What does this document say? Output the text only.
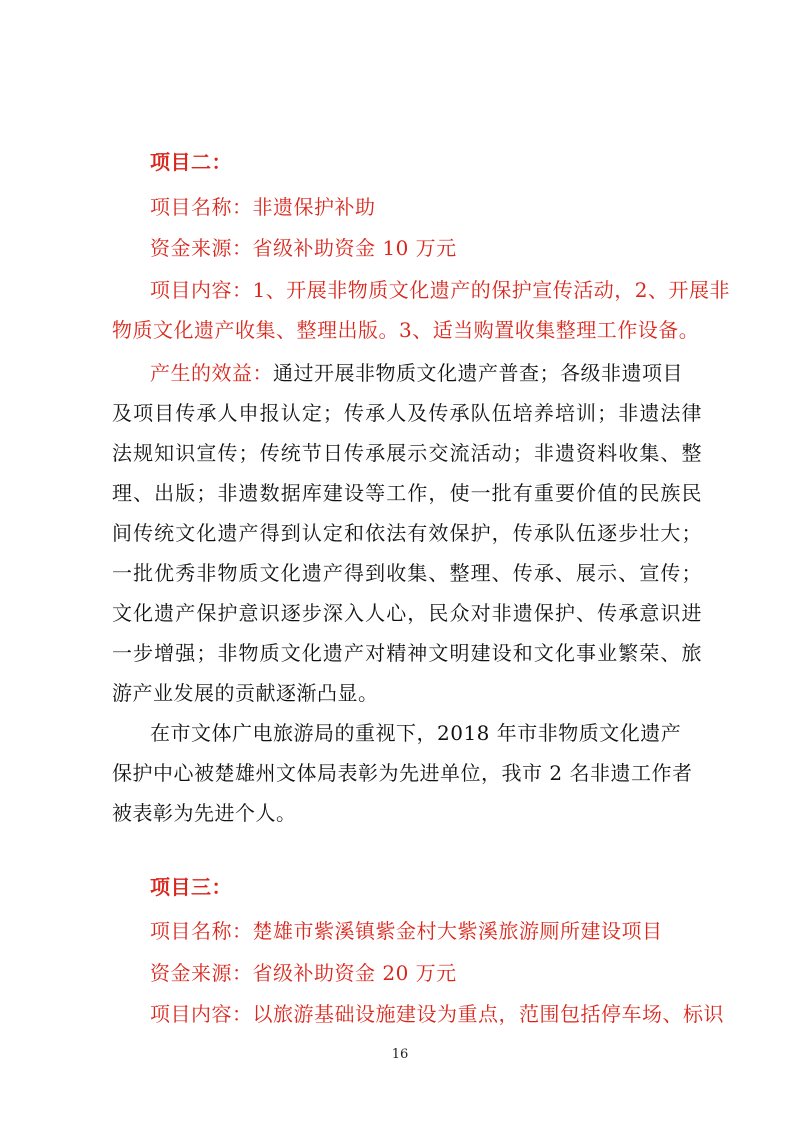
项目二：
项目名称：非遗保护补助
资金来源：省级补助资金 10 万元
项目内容：1、开展非物质文化遗产的保护宣传活动，2、开展非
物质文化遗产收集、整理出版。3、适当购置收集整理工作设备。
产生的效益：通过开展非物质文化遗产普查；各级非遗项目
及项目传承人申报认定；传承人及传承队伍培养培训；非遗法律
法规知识宣传；传统节日传承展示交流活动；非遗资料收集、整
理、出版；非遗数据库建设等工作，使一批有重要价值的民族民
间传统文化遗产得到认定和依法有效保护，传承队伍逐步壮大；
一批优秀非物质文化遗产得到收集、整理、传承、展示、宣传；
文化遗产保护意识逐步深入人心，民众对非遗保护、传承意识进
一步增强；非物质文化遗产对精神文明建设和文化事业繁荣、旅
游产业发展的贡献逐渐凸显。
在市文体广电旅游局的重视下，2018 年市非物质文化遗产
保护中心被楚雄州文体局表彰为先进单位，我市 2 名非遗工作者
被表彰为先进个人。
项目三：
项目名称：楚雄市紫溪镇紫金村大紫溪旅游厕所建设项目
资金来源：省级补助资金 20 万元
项目内容：以旅游基础设施建设为重点，范围包括停车场、标识
16
